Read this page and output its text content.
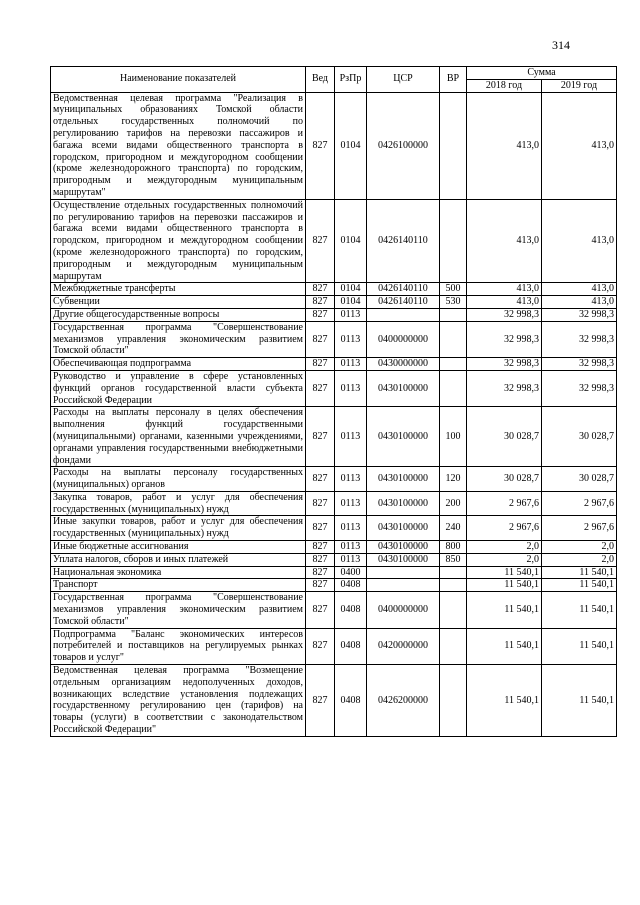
314
Наименование показателей	Вед	РзПр	ЦСР	ВР	Сумма	
					2018 год	2019 год
Ведомственная целевая программа "Реализация в муниципальных образованиях Томской области отдельных государственных полномочий по регулированию тарифов на перевозки пассажиров и багажа всеми видами общественного транспорта в городском, пригородном и междугородном сообщении (кроме железнодорожного транспорта) по городским, пригородным и междугородным муниципальным маршрутам"	827	0104	0426100000		413,0	413,0
Осуществление отдельных государственных полномочий по регулированию тарифов на перевозки пассажиров и багажа всеми видами общественного транспорта в городском, пригородном и междугородном сообщении (кроме железнодорожного транспорта) по городским, пригородным и междугородным муниципальным маршрутам	827	0104	0426140110		413,0	413,0
Межбюджетные трансферты	827	0104	0426140110	500	413,0	413,0
Субвенции	827	0104	0426140110	530	413,0	413,0
Другие общегосударственные вопросы	827	0113			32 998,3	32 998,3
Государственная программа "Совершенствование механизмов управления экономическим развитием Томской области"	827	0113	0400000000		32 998,3	32 998,3
Обеспечивающая подпрограмма	827	0113	0430000000		32 998,3	32 998,3
Руководство и управление в сфере установленных функций органов государственной власти субъекта Российской Федерации	827	0113	0430100000		32 998,3	32 998,3
Расходы на выплаты персоналу в целях обеспечения выполнения функций государственными (муниципальными) органами, казенными учреждениями, органами управления государственными внебюджетными фондами	827	0113	0430100000	100	30 028,7	30 028,7
Расходы на выплаты персоналу государственных (муниципальных) органов	827	0113	0430100000	120	30 028,7	30 028,7
Закупка товаров, работ и услуг для обеспечения государственных (муниципальных) нужд	827	0113	0430100000	200	2 967,6	2 967,6
Иные закупки товаров, работ и услуг для обеспечения государственных (муниципальных) нужд	827	0113	0430100000	240	2 967,6	2 967,6
Иные бюджетные ассигнования	827	0113	0430100000	800	2,0	2,0
Уплата налогов, сборов и иных платежей	827	0113	0430100000	850	2,0	2,0
Национальная экономика	827	0400			11 540,1	11 540,1
Транспорт	827	0408			11 540,1	11 540,1
Государственная программа "Совершенствование механизмов управления экономическим развитием Томской области"	827	0408	0400000000		11 540,1	11 540,1
Подпрограмма "Баланс экономических интересов потребителей и поставщиков на регулируемых рынках товаров и услуг"	827	0408	0420000000		11 540,1	11 540,1
Ведомственная целевая программа "Возмещение отдельным организациям недополученных доходов, возникающих вследствие установления подлежащих государственному регулированию цен (тарифов) на товары (услуги) в соответствии с законодательством Российской Федерации"	827	0408	0426200000		11 540,1	11 540,1
